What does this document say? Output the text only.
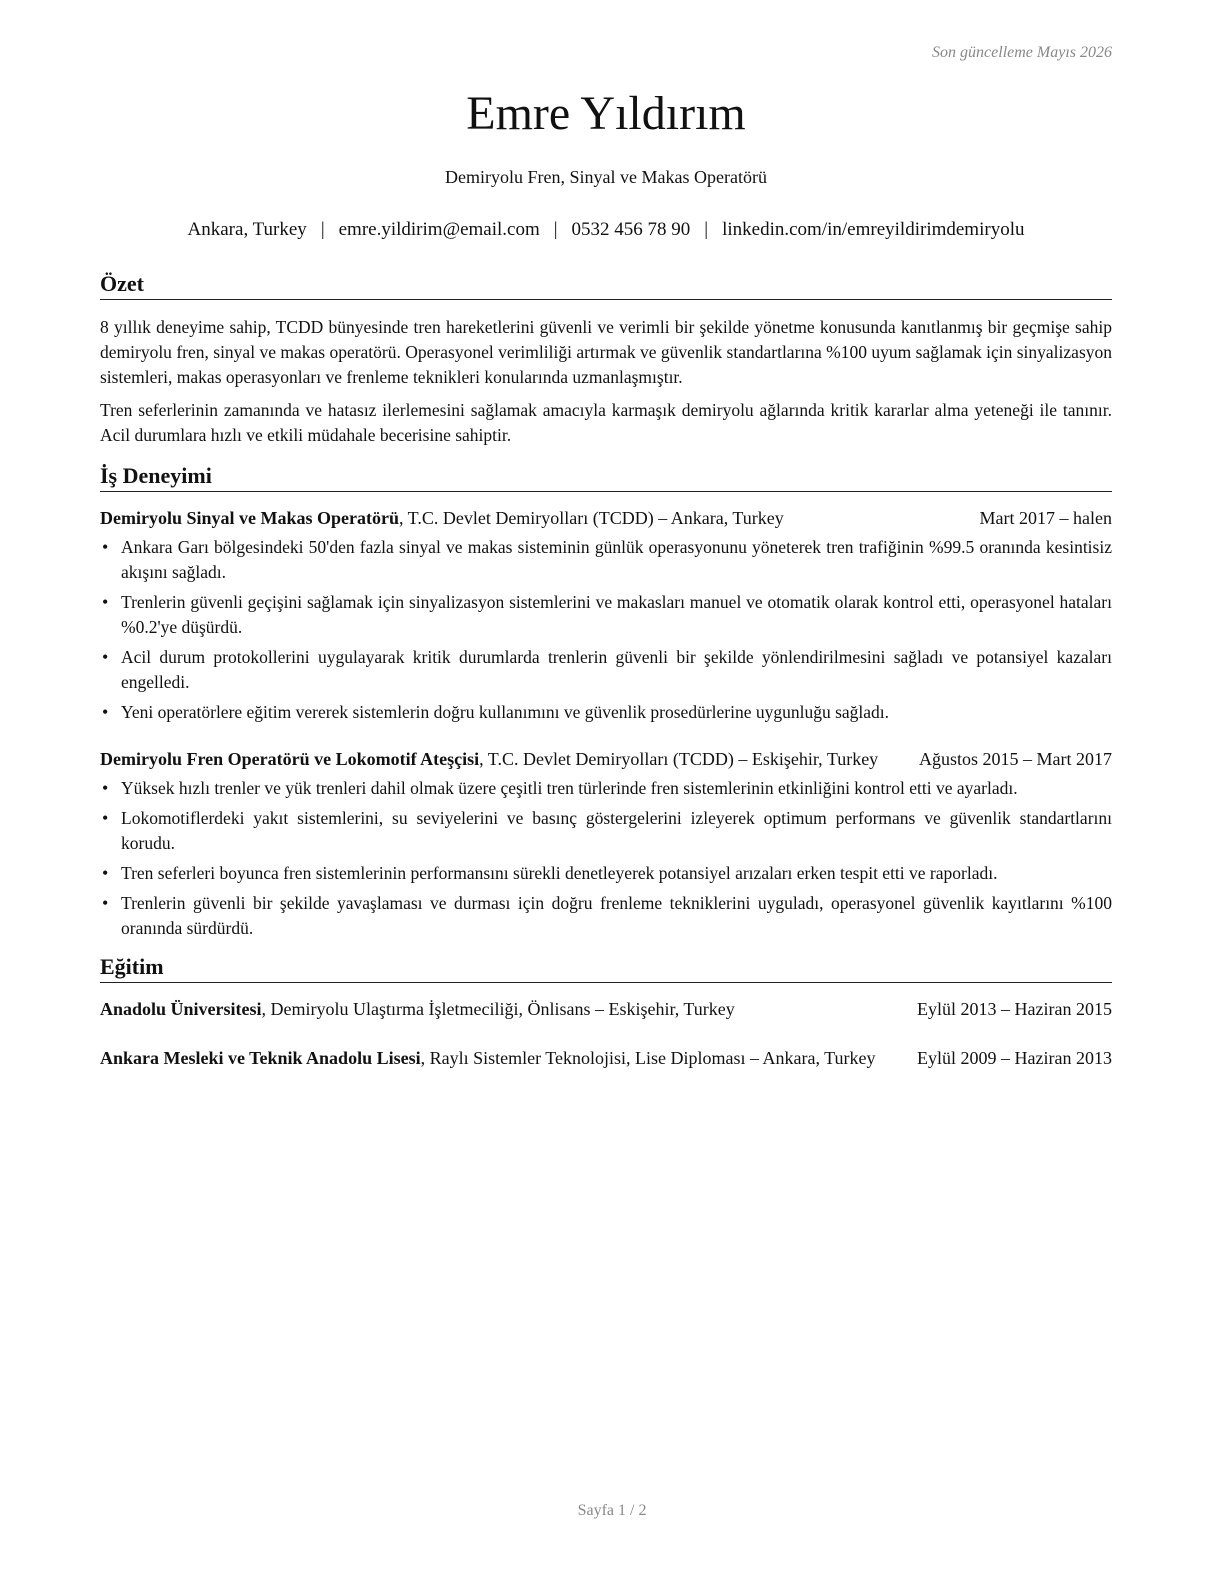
Son güncelleme Mayıs 2026
Emre Yıldırım
Demiryolu Fren, Sinyal ve Makas Operatörü
Ankara, Turkey | emre.yildirim@email.com | 0532 456 78 90 | linkedin.com/in/emreyildirimdemiryolu
Özet

8 yıllık deneyime sahip, TCDD bünyesinde tren hareketlerini güvenli ve verimli bir şekilde yönetme konusunda kanıtlanmış bir geçmişe sahip demiryolu fren, sinyal ve makas operatörü. Operasyonel verimliliği artırmak ve güvenlik standartlarına %100 uyum sağlamak için sinyalizasyon sistemleri, makas operasyonları ve frenleme teknikleri konularında uzmanlaşmıştır.

Tren seferlerinin zamanında ve hatasız ilerlemesini sağlamak amacıyla karmaşık demiryolu ağlarında kritik kararlar alma yeteneği ile tanınır. Acil durumlara hızlı ve etkili müdahale becerisine sahiptir.

İş Deneyimi
Demiryolu Sinyal ve Makas Operatörü, T.C. Devlet Demiryolları (TCDD) – Ankara, Turkey	Mart 2017 – halen
• Ankara Garı bölgesindeki 50'den fazla sinyal ve makas sisteminin günlük operasyonunu yöneterek tren trafiğinin %99.5 oranında kesintisiz akışını sağladı.
• Trenlerin güvenli geçişini sağlamak için sinyalizasyon sistemlerini ve makasları manuel ve otomatik olarak kontrol etti, operasyonel hataları %0.2'ye düşürdü.
• Acil durum protokollerini uygulayarak kritik durumlarda trenlerin güvenli bir şekilde yönlendirilmesini sağladı ve potansiyel kazaları engelledi.
• Yeni operatörlere eğitim vererek sistemlerin doğru kullanımını ve güvenlik prosedürlerine uygunluğu sağladı.
Demiryolu Fren Operatörü ve Lokomotif Ateşçisi, T.C. Devlet Demiryolları (TCDD) – Eskişehir, Turkey	Ağustos 2015 – Mart 2017
• Yüksek hızlı trenler ve yük trenleri dahil olmak üzere çeşitli tren türlerinde fren sistemlerinin etkinliğini kontrol etti ve ayarladı.
• Lokomotiflerdeki yakıt sistemlerini, su seviyelerini ve basınç göstergelerini izleyerek optimum performans ve güvenlik standartlarını korudu.
• Tren seferleri boyunca fren sistemlerinin performansını sürekli denetleyerek potansiyel arızaları erken tespit etti ve raporladı.
• Trenlerin güvenli bir şekilde yavaşlaması ve durması için doğru frenleme tekniklerini uyguladı, operasyonel güvenlik kayıtlarını %100 oranında sürdürdü.
Eğitim
Anadolu Üniversitesi, Demiryolu Ulaştırma İşletmeciliği, Önlisans – Eskişehir, Turkey	Eylül 2013 – Haziran 2015
Ankara Mesleki ve Teknik Anadolu Lisesi, Raylı Sistemler Teknolojisi, Lise Diploması – Ankara, Turkey	Eylül 2009 – Haziran 2013
Sayfa 1 / 2
